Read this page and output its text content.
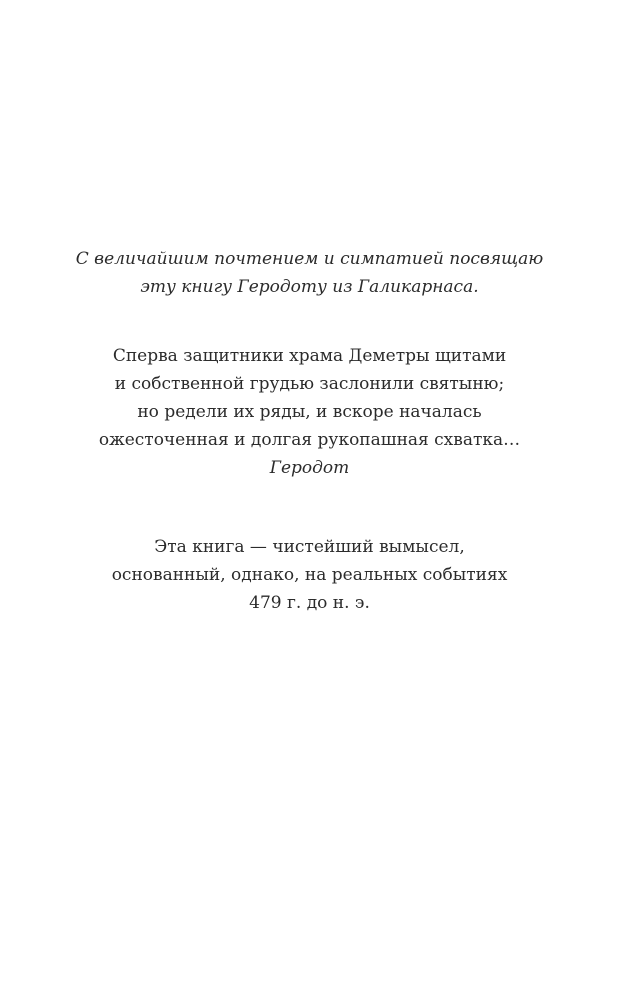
С величайшим почтением и симпатией посвящаю
эту книгу Геродоту из Галикарнаса.
Сперва защитники храма Деметры щитами
и собственной грудью заслонили святыню;
но редели их ряды, и вскоре началась
ожесточенная и долгая рукопашная схватка…
Геродот
Эта книга — чистейший вымысел,
основанный, однако, на реальных событиях
479 г. до н. э.
